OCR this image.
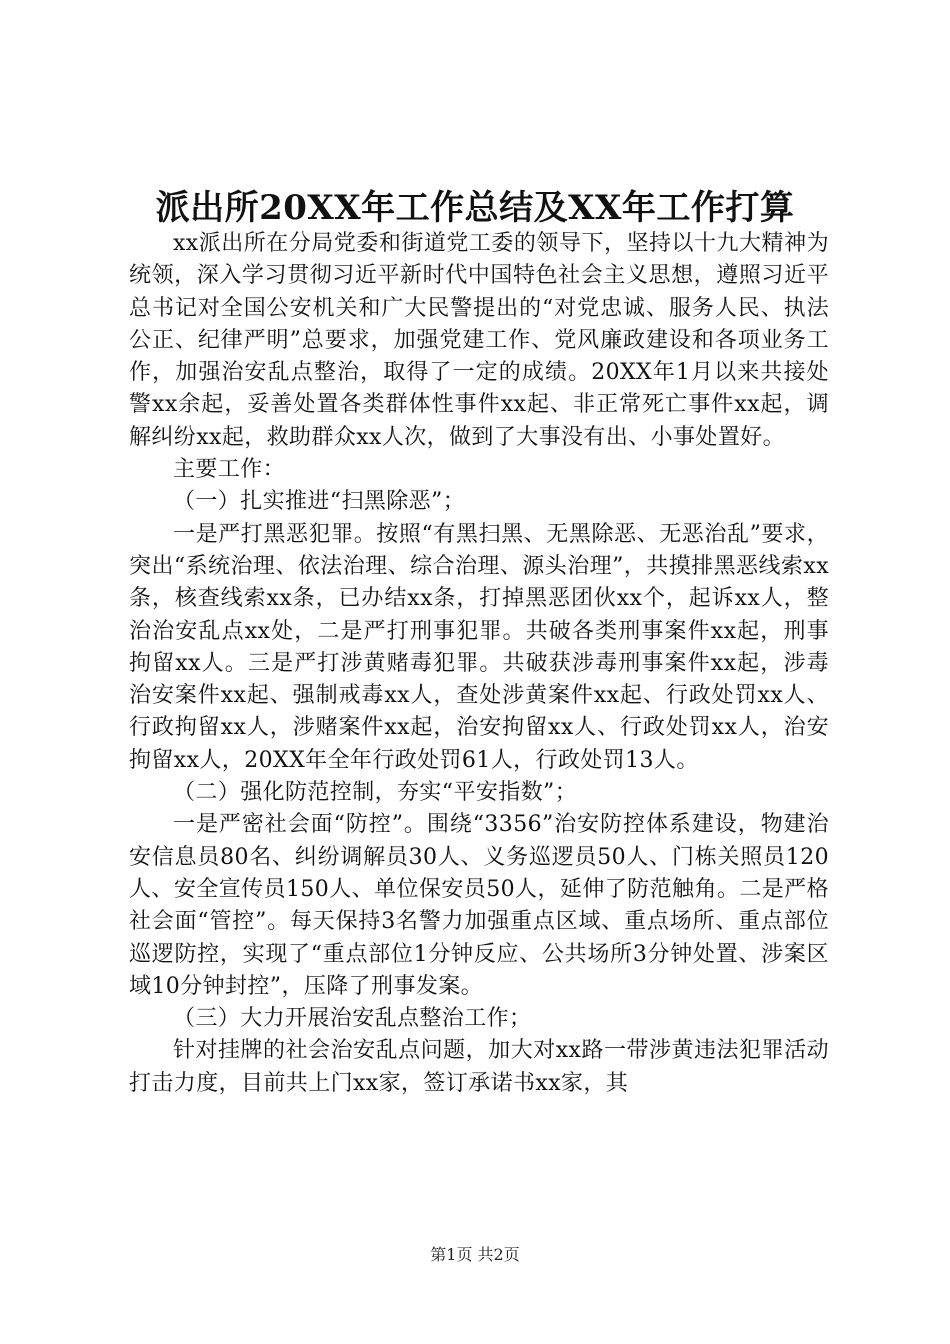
派出所20XX年工作总结及XX年工作打算

xx派出所在分局党委和街道党工委的领导下，坚持以十九大精神为统领，深入学习贯彻习近平新时代中国特色社会主义思想，遵照习近平总书记对全国公安机关和广大民警提出的“对党忠诚、服务人民、执法公正、纪律严明”总要求，加强党建工作、党风廉政建设和各项业务工作，加强治安乱点整治，取得了一定的成绩。20XX年1月以来共接处警xx余起，妥善处置各类群体性事件xx起、非正常死亡事件xx起，调解纠纷xx起，救助群众xx人次，做到了大事没有出、小事处置好。

主要工作：

（一）扎实推进“扫黑除恶”；

一是严打黑恶犯罪。按照“有黑扫黑、无黑除恶、无恶治乱”要求，突出“系统治理、依法治理、综合治理、源头治理”，共摸排黑恶线索xx条，核查线索xx条，已办结xx条，打掉黑恶团伙xx个，起诉xx人，整治治安乱点xx处，二是严打刑事犯罪。共破各类刑事案件xx起，刑事拘留xx人。三是严打涉黄赌毒犯罪。共破获涉毒刑事案件xx起，涉毒治安案件xx起、强制戒毒xx人，查处涉黄案件xx起、行政处罚xx人、行政拘留xx人，涉赌案件xx起，治安拘留xx人、行政处罚xx人，治安拘留xx人，20XX年全年行政处罚61人，行政处罚13人。

（二）强化防范控制，夯实“平安指数”；

一是严密社会面“防控”。围绕“3356”治安防控体系建设，物建治安信息员80名、纠纷调解员30人、义务巡逻员50人、门栋关照员120人、安全宣传员150人、单位保安员50人，延伸了防范触角。二是严格社会面“管控”。每天保持3名警力加强重点区域、重点场所、重点部位巡逻防控，实现了“重点部位1分钟反应、公共场所3分钟处置、涉案区域10分钟封控”，压降了刑事发案。

（三）大力开展治安乱点整治工作；

针对挂牌的社会治安乱点问题，加大对xx路一带涉黄违法犯罪活动打击力度，目前共上门xx家，签订承诺书xx家，其

第1页 共2页
